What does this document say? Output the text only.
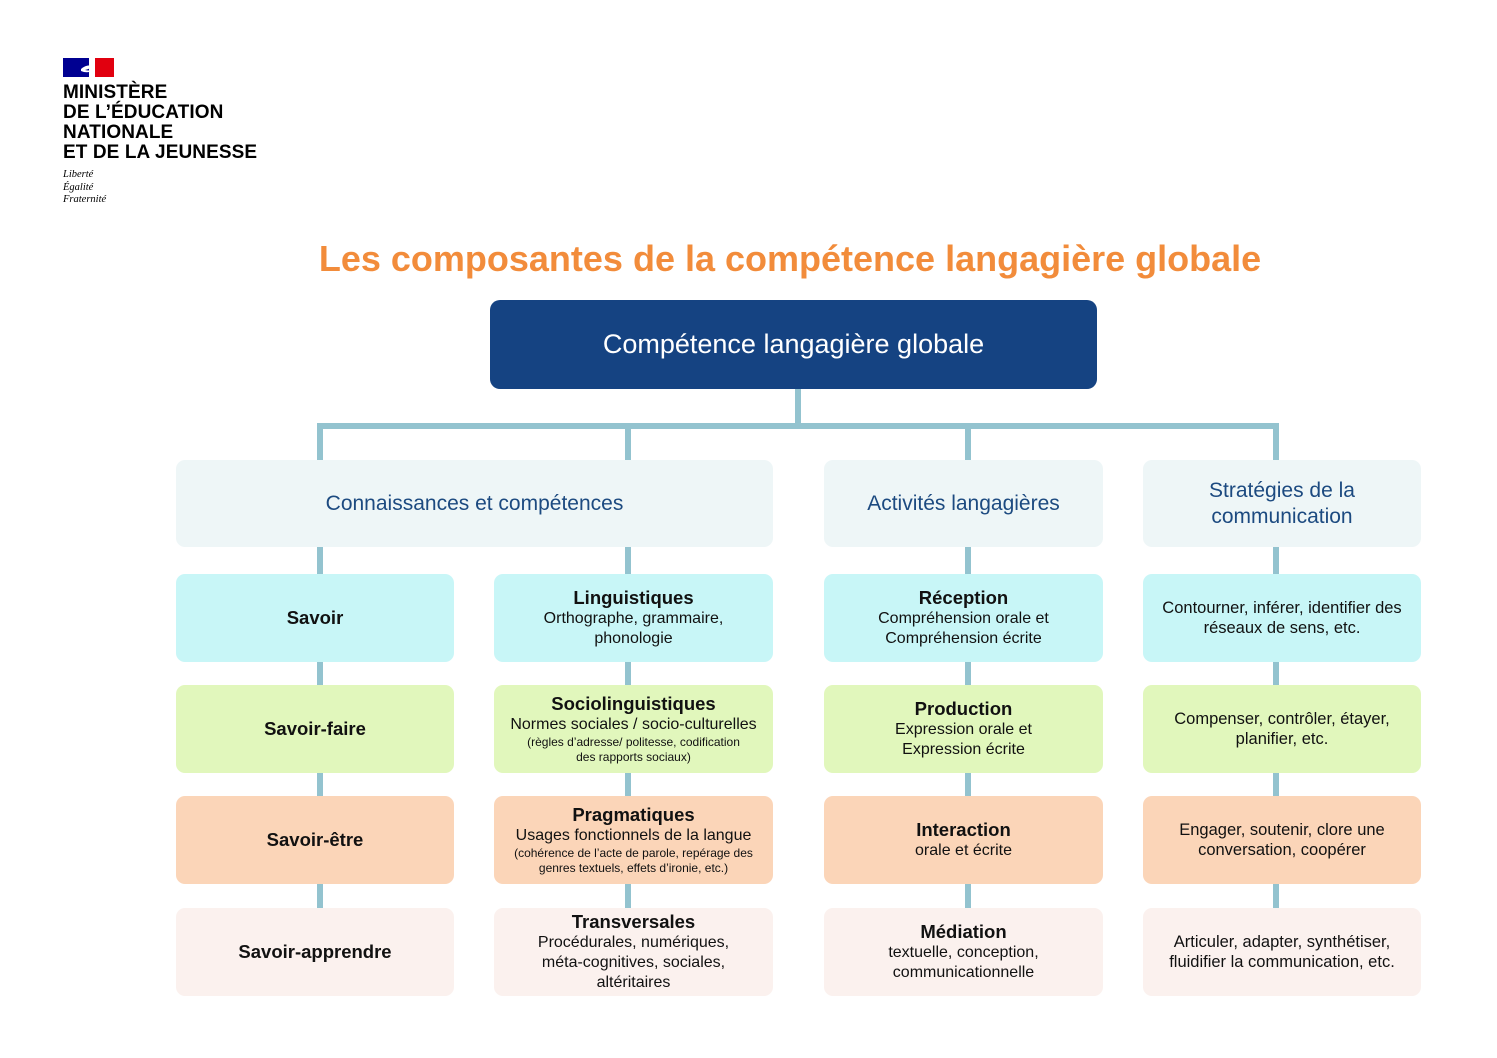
MINISTÈRE
DE L’ÉDUCATION
NATIONALE
ET DE LA JEUNESSE
Liberté
Égalité
Fraternité
Les composantes de la compétence langagière globale
Compétence langagière globale
Connaissances et compétences	Activités langagières
Stratégies de la communication
Savoir
Savoir-faire
Savoir-être
Savoir-apprendre
Linguistiques
Orthographe, grammaire, phonologie
Sociolinguistiques
Normes sociales / socio-culturelles
(règles d’adresse/ politesse, codification des rapports sociaux)
Pragmatiques
Usages fonctionnels de la langue
(cohérence de l’acte de parole, repérage des genres textuels, effets d’ironie, etc.)
Transversales
Procédurales, numériques, méta-cognitives, sociales, altéritaires
Réception
Compréhension orale et Compréhension écrite
Production
Expression orale et Expression écrite
Interaction
orale et écrite
Médiation
textuelle, conception, communicationnelle
Contourner, inférer, identifier des réseaux de sens, etc.
Compenser, contrôler, étayer, planifier, etc.
Engager, soutenir, clore une conversation, coopérer
Articuler, adapter, synthétiser, fluidifier la communication, etc.
